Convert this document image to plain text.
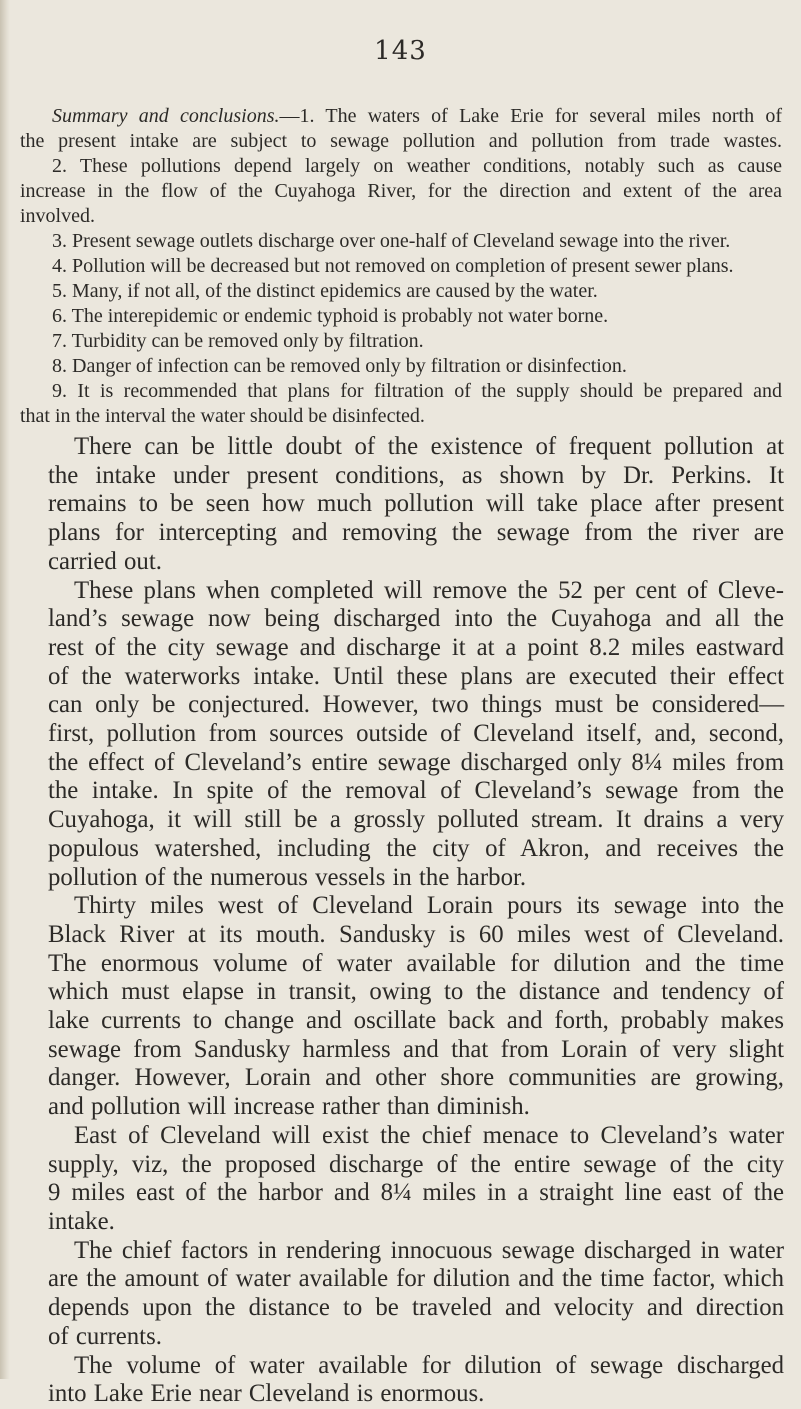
143

Summary and conclusions.—1. The waters of Lake Erie for several miles north of

the present intake are subject to sewage pollution and pollution from trade wastes.

2. These pollutions depend largely on weather conditions, notably such as cause

increase in the flow of the Cuyahoga River, for the direction and extent of the area

involved.

3. Present sewage outlets discharge over one-half of Cleveland sewage into the river.

4. Pollution will be decreased but not removed on completion of present sewer plans.

5. Many, if not all, of the distinct epidemics are caused by the water.

6. The interepidemic or endemic typhoid is probably not water borne.

7. Turbidity can be removed only by filtration.

8. Danger of infection can be removed only by filtration or disinfection.

9. It is recommended that plans for filtration of the supply should be prepared and

that in the interval the water should be disinfected.

There can be little doubt of the existence of frequent pollution at

the intake under present conditions, as shown by Dr. Perkins. It

remains to be seen how much pollution will take place after present

plans for intercepting and removing the sewage from the river are

carried out.

These plans when completed will remove the 52 per cent of Cleve-

land’s sewage now being discharged into the Cuyahoga and all the

rest of the city sewage and discharge it at a point 8.2 miles eastward

of the waterworks intake. Until these plans are executed their effect

can only be conjectured. However, two things must be considered—

first, pollution from sources outside of Cleveland itself, and, second,

the effect of Cleveland’s entire sewage discharged only 8¼ miles from

the intake. In spite of the removal of Cleveland’s sewage from the

Cuyahoga, it will still be a grossly polluted stream. It drains a very

populous watershed, including the city of Akron, and receives the

pollution of the numerous vessels in the harbor.

Thirty miles west of Cleveland Lorain pours its sewage into the

Black River at its mouth. Sandusky is 60 miles west of Cleveland.

The enormous volume of water available for dilution and the time

which must elapse in transit, owing to the distance and tendency of

lake currents to change and oscillate back and forth, probably makes

sewage from Sandusky harmless and that from Lorain of very slight

danger. However, Lorain and other shore communities are growing,

and pollution will increase rather than diminish.

East of Cleveland will exist the chief menace to Cleveland’s water

supply, viz, the proposed discharge of the entire sewage of the city

9 miles east of the harbor and 8¼ miles in a straight line east of the

intake.

The chief factors in rendering innocuous sewage discharged in water

are the amount of water available for dilution and the time factor, which

depends upon the distance to be traveled and velocity and direction

of currents.

The volume of water available for dilution of sewage discharged

into Lake Erie near Cleveland is enormous.
